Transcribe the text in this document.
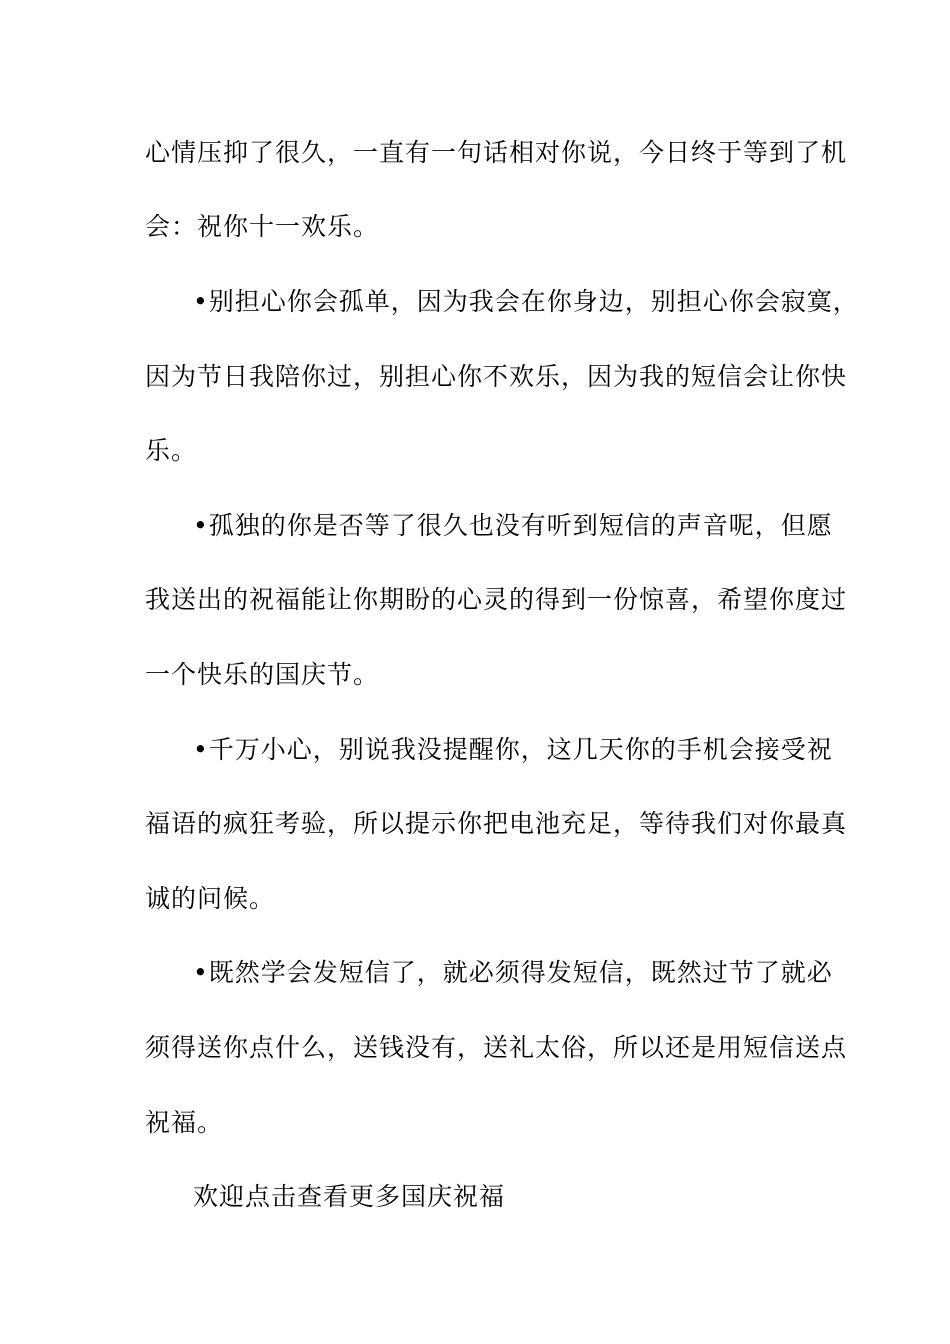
心情压抑了很久，一直有一句话相对你说，今日终于等到了机
会：祝你十一欢乐。
•别担心你会孤单，因为我会在你身边，别担心你会寂寞，
因为节日我陪你过，别担心你不欢乐，因为我的短信会让你快
乐。
•孤独的你是否等了很久也没有听到短信的声音呢，但愿
我送出的祝福能让你期盼的心灵的得到一份惊喜，希望你度过
一个快乐的国庆节。
•千万小心，别说我没提醒你，这几天你的手机会接受祝
福语的疯狂考验，所以提示你把电池充足，等待我们对你最真
诚的问候。
•既然学会发短信了，就必须得发短信，既然过节了就必
须得送你点什么，送钱没有，送礼太俗，所以还是用短信送点
祝福。
欢迎点击查看更多国庆祝福
